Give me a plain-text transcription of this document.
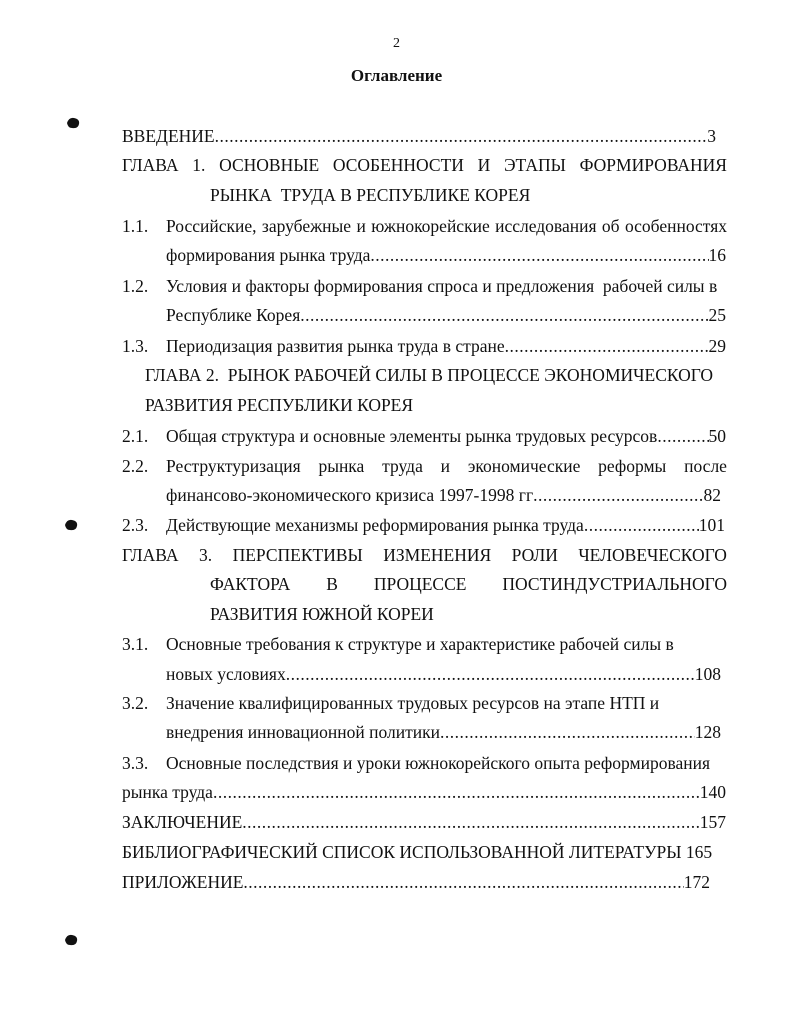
2
Оглавление
ВВЕДЕНИЕ .....	3
ГЛАВА 1. ОСНОВНЫЕ ОСОБЕННОСТИ И ЭТАПЫ ФОРМИРОВАНИЯ
РЫНКА  ТРУДА В РЕСПУБЛИКЕ КОРЕЯ
1.1. Российские, зарубежные и южнокорейские исследования об особенностях
формирования рынка труда .....	16
1.2. Условия и факторы формирования спроса и предложения  рабочей силы в
Республике Корея .....	25
1.3. Периодизация развития рынка труда в стране .....	29
ГЛАВА 2.  РЫНОК РАБОЧЕЙ СИЛЫ В ПРОЦЕССЕ ЭКОНОМИЧЕСКОГО
РАЗВИТИЯ РЕСПУБЛИКИ КОРЕЯ
2.1. Общая структура и основные элементы рынка трудовых ресурсов .....	50
2.2. Реструктуризация рынка труда и экономические реформы после
финансово-экономического кризиса 1997-1998 гг .....	82
2.3. Действующие механизмы реформирования рынка труда .....	101
ГЛАВА 3. ПЕРСПЕКТИВЫ ИЗМЕНЕНИЯ РОЛИ ЧЕЛОВЕЧЕСКОГО
ФАКТОРА В ПРОЦЕССЕ ПОСТИНДУСТРИАЛЬНОГО
РАЗВИТИЯ ЮЖНОЙ КОРЕИ
3.1. Основные требования к структуре и характеристике рабочей силы в
новых условиях .....	108
3.2. Значение квалифицированных трудовых ресурсов на этапе НТП и
внедрения инновационной политики .....	128
3.3. Основные последствия и уроки южнокорейского опыта реформирования
рынка труда .....	140
ЗАКЛЮЧЕНИЕ .....	157
БИБЛИОГРАФИЧЕСКИЙ СПИСОК ИСПОЛЬЗОВАННОЙ ЛИТЕРАТУРЫ 165
ПРИЛОЖЕНИЕ .....	172
